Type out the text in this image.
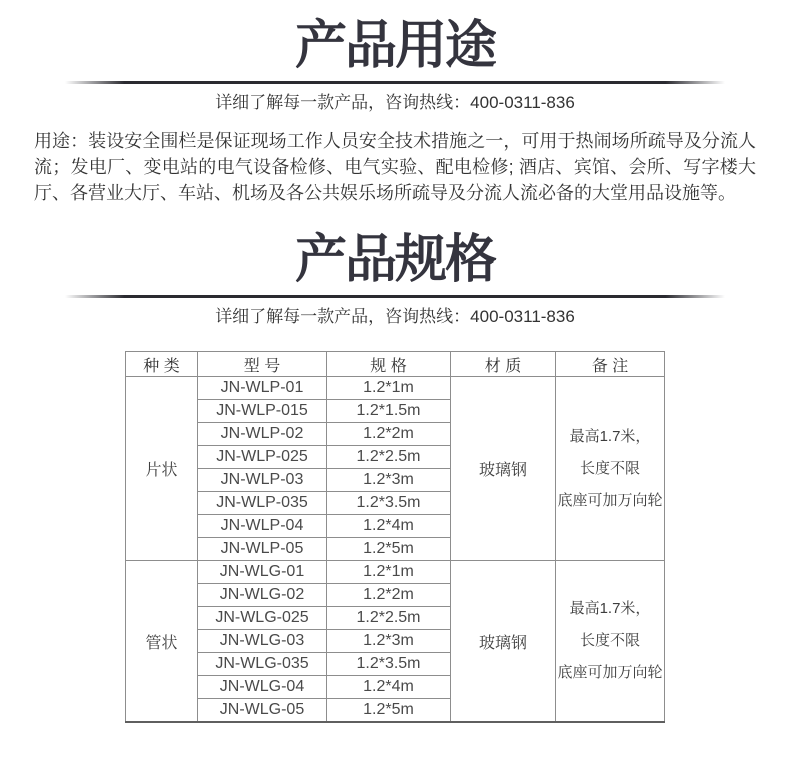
产品用途

详细了解每一款产品，咨询热线：400-0311-836

用途：装设安全围栏是保证现场工作人员安全技术措施之一，可用于热闹场所疏导及分流人流；发电厂、变电站的电气设备检修、电气实验、配电检修; 酒店、宾馆、会所、写字楼大厅、各营业大厅、车站、机场及各公共娱乐场所疏导及分流人流必备的大堂用品设施等。

产品规格

详细了解每一款产品，咨询热线：400-0311-836

种 类	型 号	规 格	材 质	备 注
片状	JN-WLP-01	1.2*1m	玻璃钢	最高1.7米，
长度不限
底座可加万向轮

	JN-WLP-015	1.2*1.5m		
	JN-WLP-02	1.2*2m		
	JN-WLP-025	1.2*2.5m		
	JN-WLP-03	1.2*3m		
	JN-WLP-035	1.2*3.5m		
	JN-WLP-04	1.2*4m		
	JN-WLP-05	1.2*5m		
管状	JN-WLG-01	1.2*1m	玻璃钢	最高1.7米，
长度不限
底座可加万向轮

	JN-WLG-02	1.2*2m		
	JN-WLG-025	1.2*2.5m		
	JN-WLG-03	1.2*3m		
	JN-WLG-035	1.2*3.5m		
	JN-WLG-04	1.2*4m		
	JN-WLG-05	1.2*5m		
